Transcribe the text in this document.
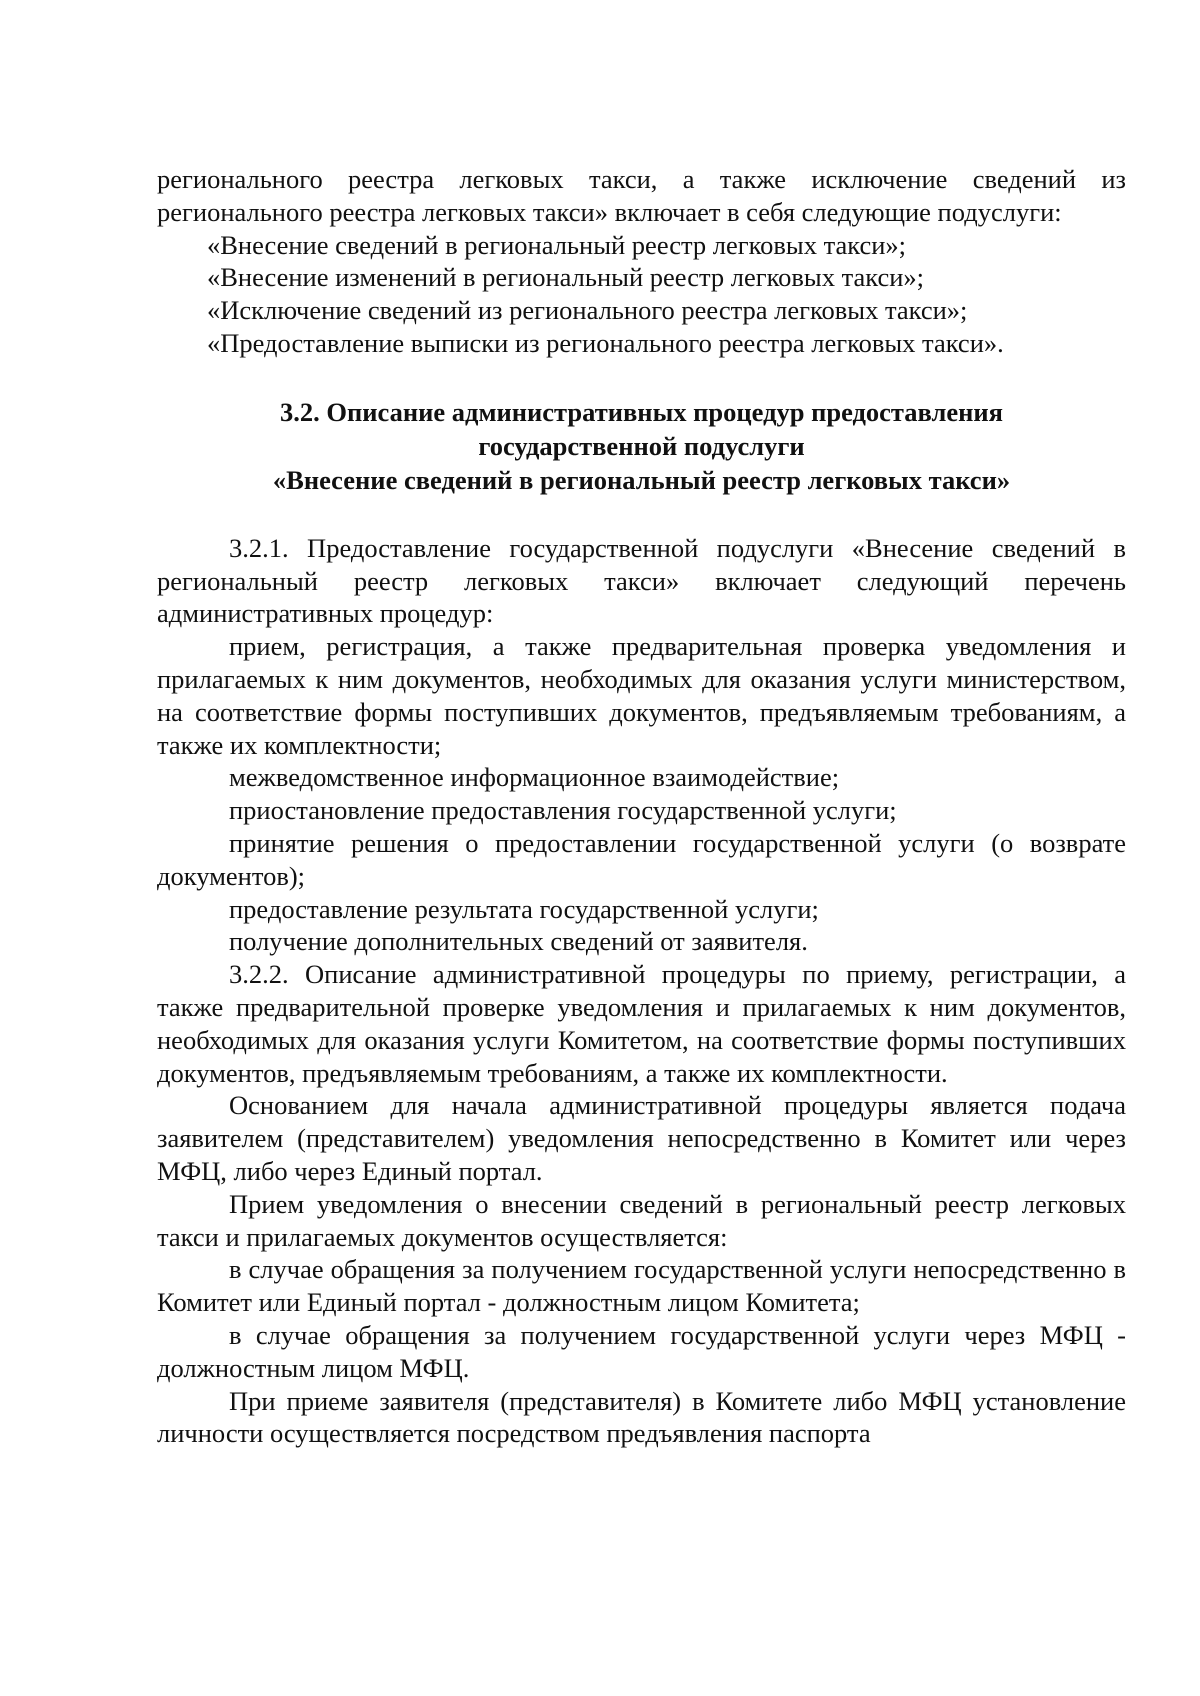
регионального реестра легковых такси, а также исключение сведений из регионального реестра легковых такси» включает в себя следующие подуслуги:

«Внесение сведений в региональный реестр легковых такси»;

«Внесение изменений в региональный реестр легковых такси»;

«Исключение сведений из регионального реестра легковых такси»;

«Предоставление выписки из регионального реестра легковых такси».

3.2. Описание административных процедур предоставления
государственной подуслуги
«Внесение сведений в региональный реестр легковых такси»

3.2.1. Предоставление государственной подуслуги «Внесение сведений в региональный реестр легковых такси» включает следующий перечень административных процедур:

прием, регистрация, а также предварительная проверка уведомления и прилагаемых к ним документов, необходимых для оказания услуги министерством, на соответствие формы поступивших документов, предъявляемым требованиям, а также их комплектности;

межведомственное информационное взаимодействие;

приостановление предоставления государственной услуги;

принятие решения о предоставлении государственной услуги (о возврате документов);

предоставление результата государственной услуги;

получение дополнительных сведений от заявителя.

3.2.2. Описание административной процедуры по приему, регистрации, а также предварительной проверке уведомления и прилагаемых к ним документов, необходимых для оказания услуги Комитетом, на соответствие формы поступивших документов, предъявляемым требованиям, а также их комплектности.

Основанием для начала административной процедуры является подача заявителем (представителем) уведомления непосредственно в Комитет или через МФЦ, либо через Единый портал.

Прием уведомления о внесении сведений в региональный реестр легковых такси и прилагаемых документов осуществляется:

в случае обращения за получением государственной услуги непосредственно в Комитет или Единый портал - должностным лицом Комитета;

в случае обращения за получением государственной услуги через МФЦ - должностным лицом МФЦ.

При приеме заявителя (представителя) в Комитете либо МФЦ установление личности осуществляется посредством предъявления паспорта
